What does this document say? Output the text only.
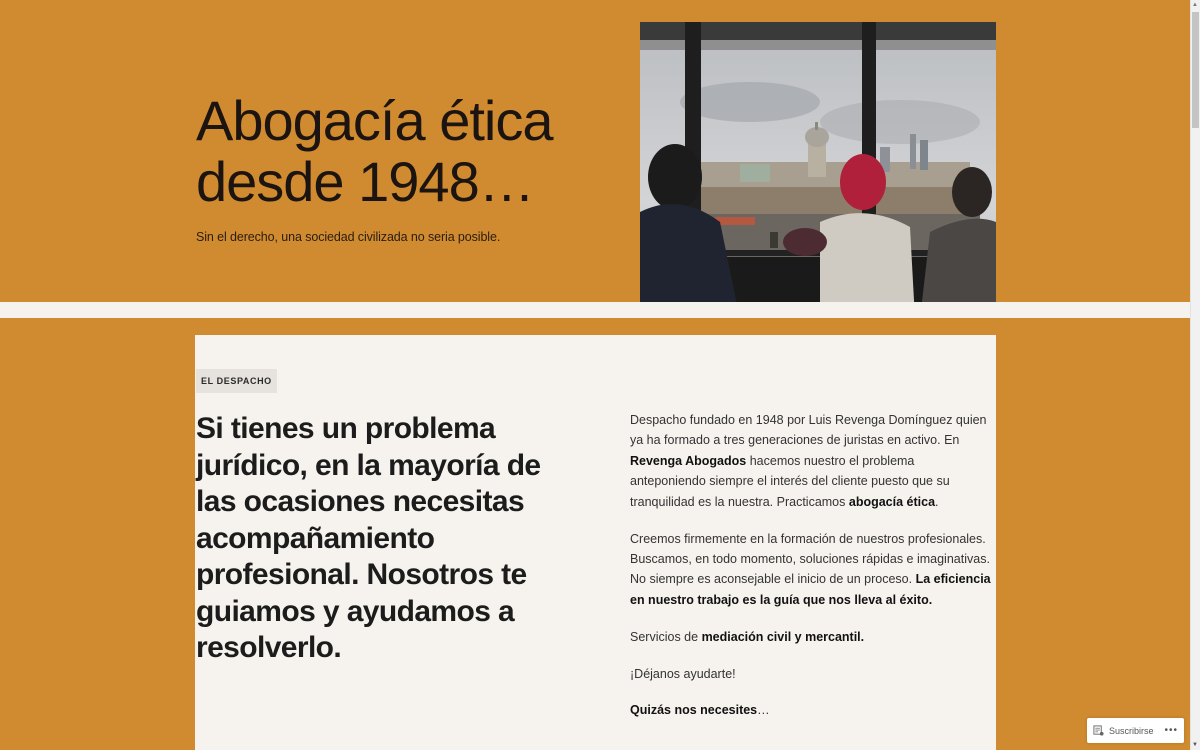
Abogacía ética desde 1948…

Sin el derecho, una sociedad civilizada no seria posible.

EL DESPACHO
Si tienes un problema jurídico, en la mayoría de las ocasiones necesitas acompañamiento profesional. Nosotros te guiamos y ayudamos a resolverlo.

Despacho fundado en 1948 por Luis Revenga Domínguez quien ya ha formado a tres generaciones de juristas en activo. En Revenga Abogados hacemos nuestro el problema anteponiendo siempre el interés del cliente puesto que su tranquilidad es la nuestra. Practicamos abogacía ética.

Creemos firmemente en la formación de nuestros profesionales. Buscamos, en todo momento, soluciones rápidas e imaginativas. No siempre es aconsejable el inicio de un proceso. La eficiencia en nuestro trabajo es la guía que nos lleva al éxito.

Servicios de mediación civil y mercantil.

¡Déjanos ayudarte!

Quizás nos necesites…

▲
▼
Suscribirse •••
